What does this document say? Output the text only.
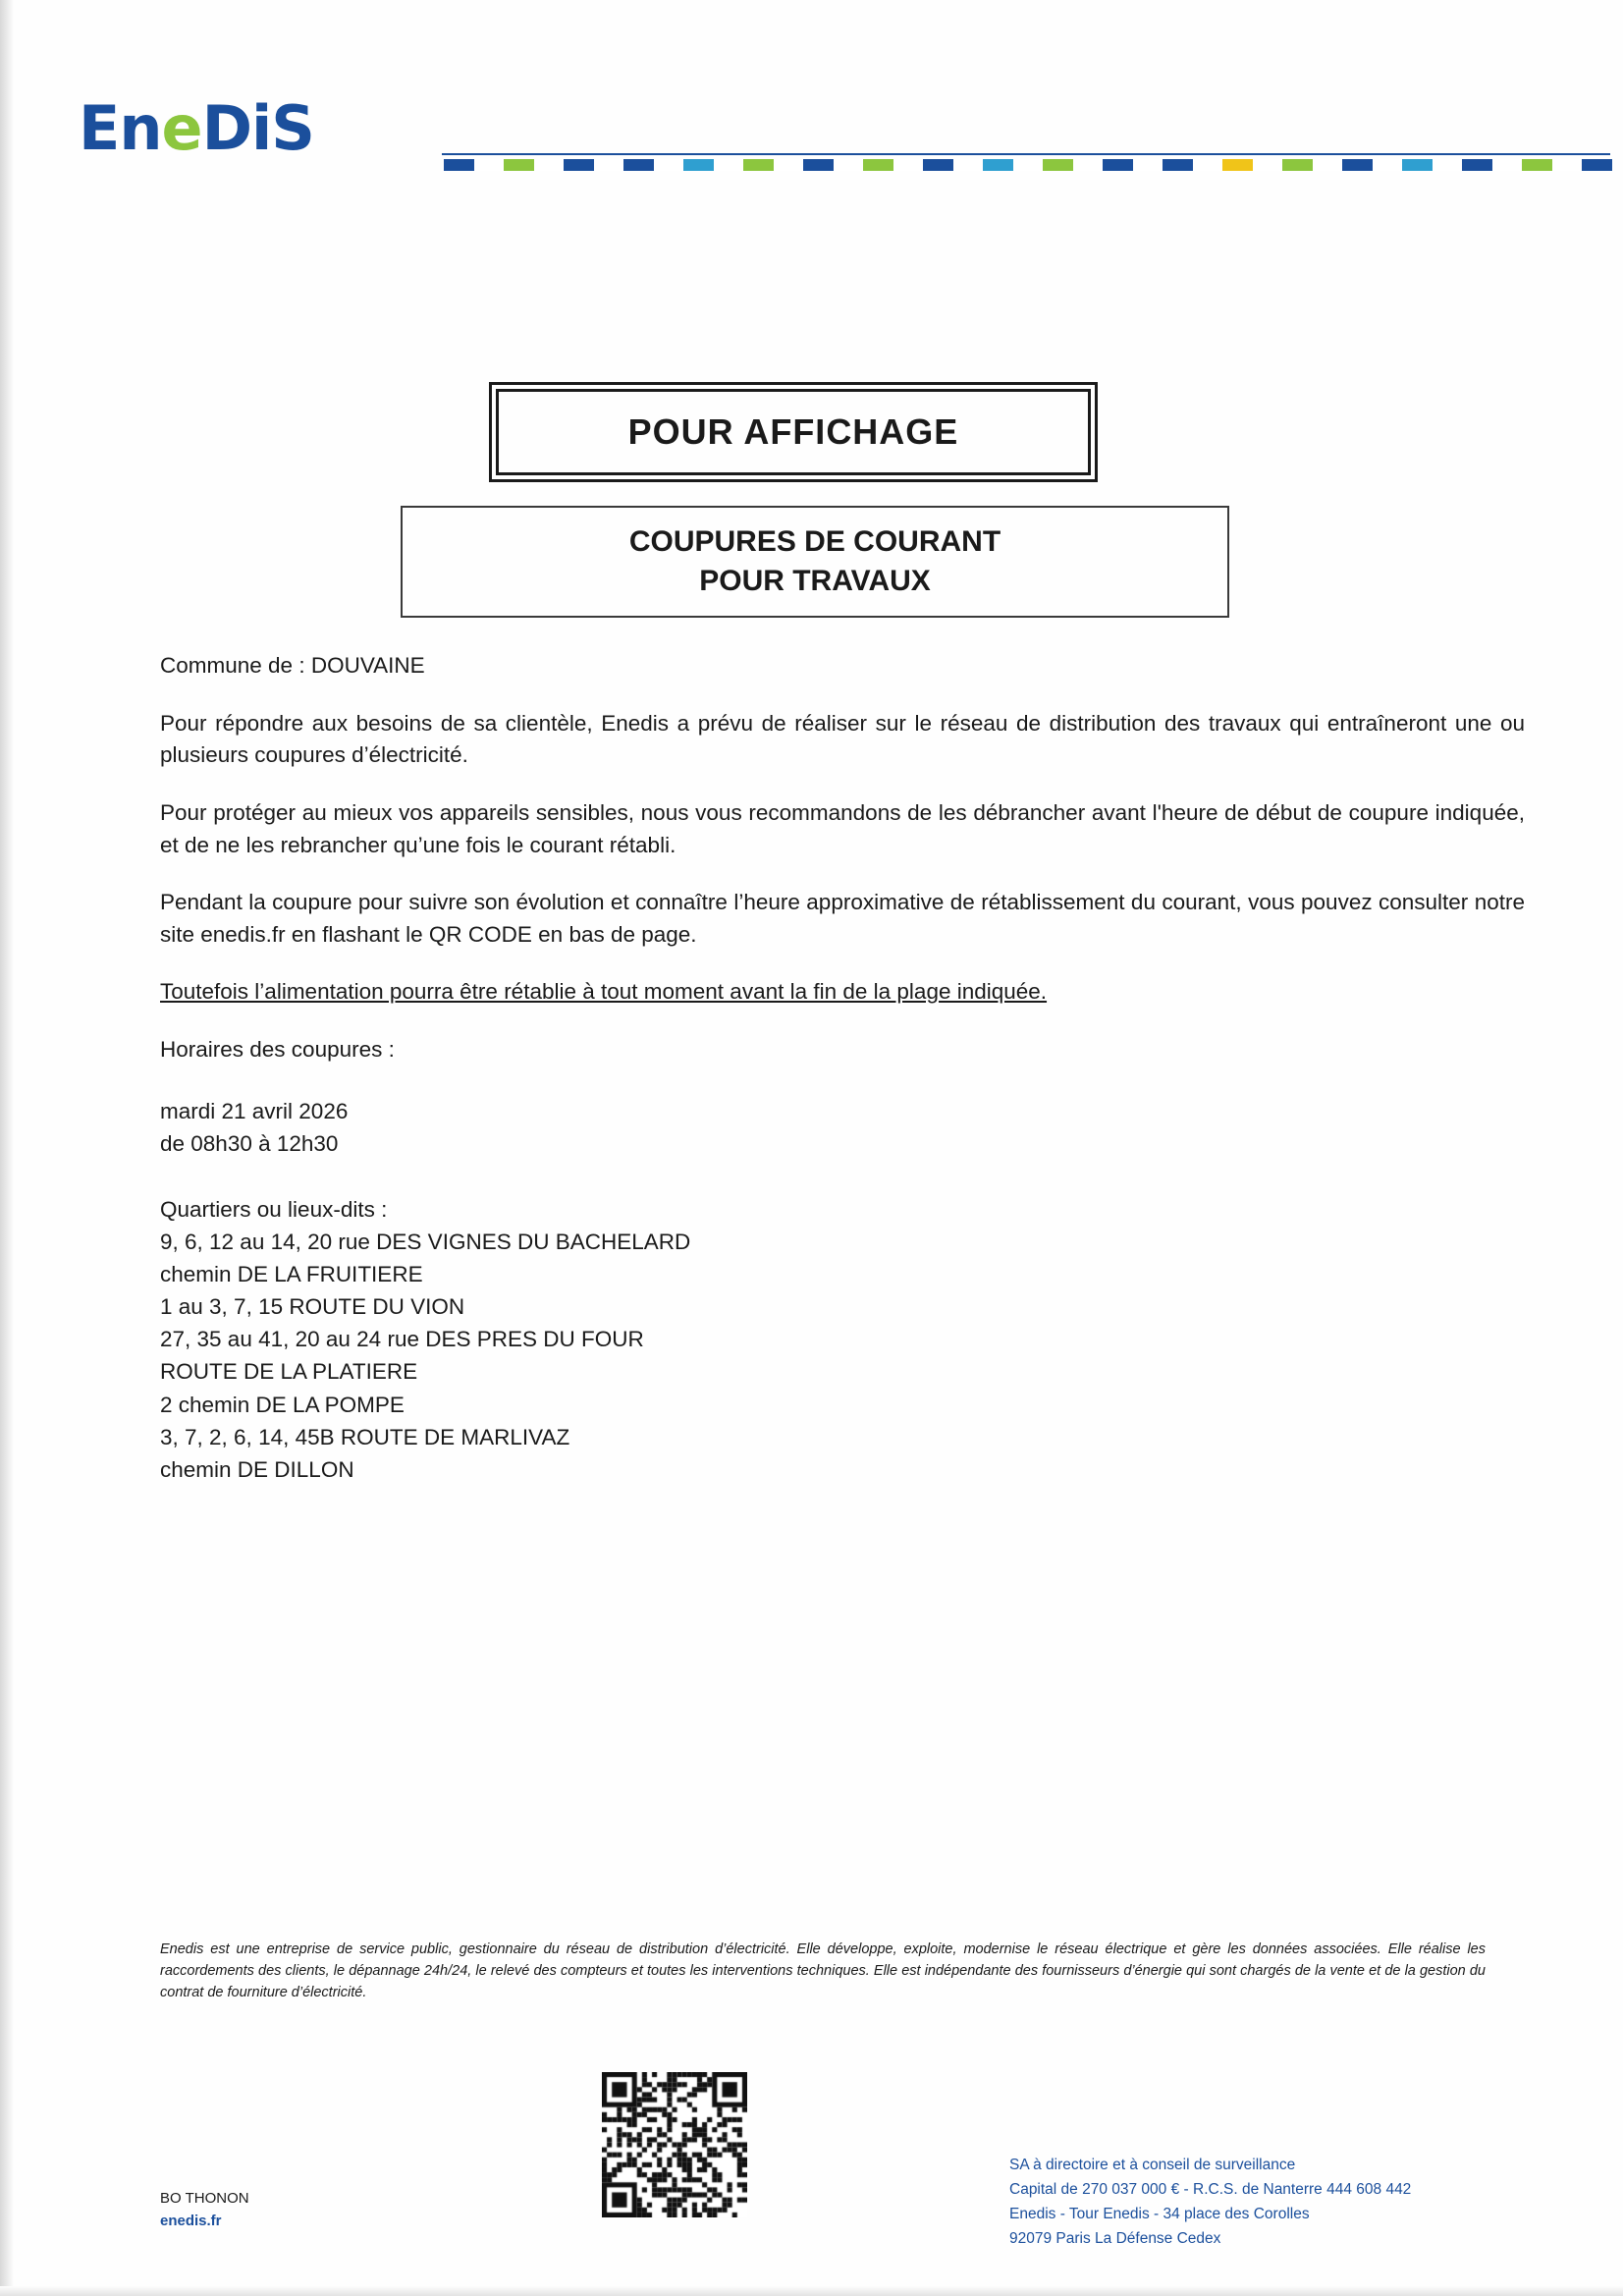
EneDiS
POUR AFFICHAGE
COUPURES DE COURANT
POUR TRAVAUX

Commune de : DOUVAINE

Pour répondre aux besoins de sa clientèle, Enedis a prévu de réaliser sur le réseau de distribution des travaux qui entraîneront une ou plusieurs coupures d’électricité.

Pour protéger au mieux vos appareils sensibles, nous vous recommandons de les débrancher avant l'heure de début de coupure indiquée, et de ne les rebrancher qu’une fois le courant rétabli.

Pendant la coupure pour suivre son évolution et connaître l’heure approximative de rétablissement du courant, vous pouvez consulter notre site enedis.fr en flashant le QR CODE en bas de page.

Toutefois l’alimentation pourra être rétablie à tout moment avant la fin de la plage indiquée.

Horaires des coupures :

mardi 21 avril 2026
de 08h30 à 12h30
Quartiers ou lieux-dits :
9, 6, 12 au 14, 20 rue DES VIGNES DU BACHELARD
chemin DE LA FRUITIERE
1 au 3, 7, 15 ROUTE DU VION
27, 35 au 41, 20 au 24 rue DES PRES DU FOUR
ROUTE DE LA PLATIERE
2 chemin DE LA POMPE
3, 7, 2, 6, 14, 45B ROUTE DE MARLIVAZ
chemin DE DILLON
Enedis est une entreprise de service public, gestionnaire du réseau de distribution d’électricité. Elle développe, exploite, modernise le réseau électrique et gère les données associées. Elle réalise les raccordements des clients, le dépannage 24h/24, le relevé des compteurs et toutes les interventions techniques. Elle est indépendante des fournisseurs d’énergie qui sont chargés de la vente et de la gestion du contrat de fourniture d’électricité.
BO THONON
enedis.fr
SA à directoire et à conseil de surveillance
Capital de 270 037 000 € - R.C.S. de Nanterre 444 608 442
Enedis - Tour Enedis - 34 place des Corolles
92079 Paris La Défense Cedex
